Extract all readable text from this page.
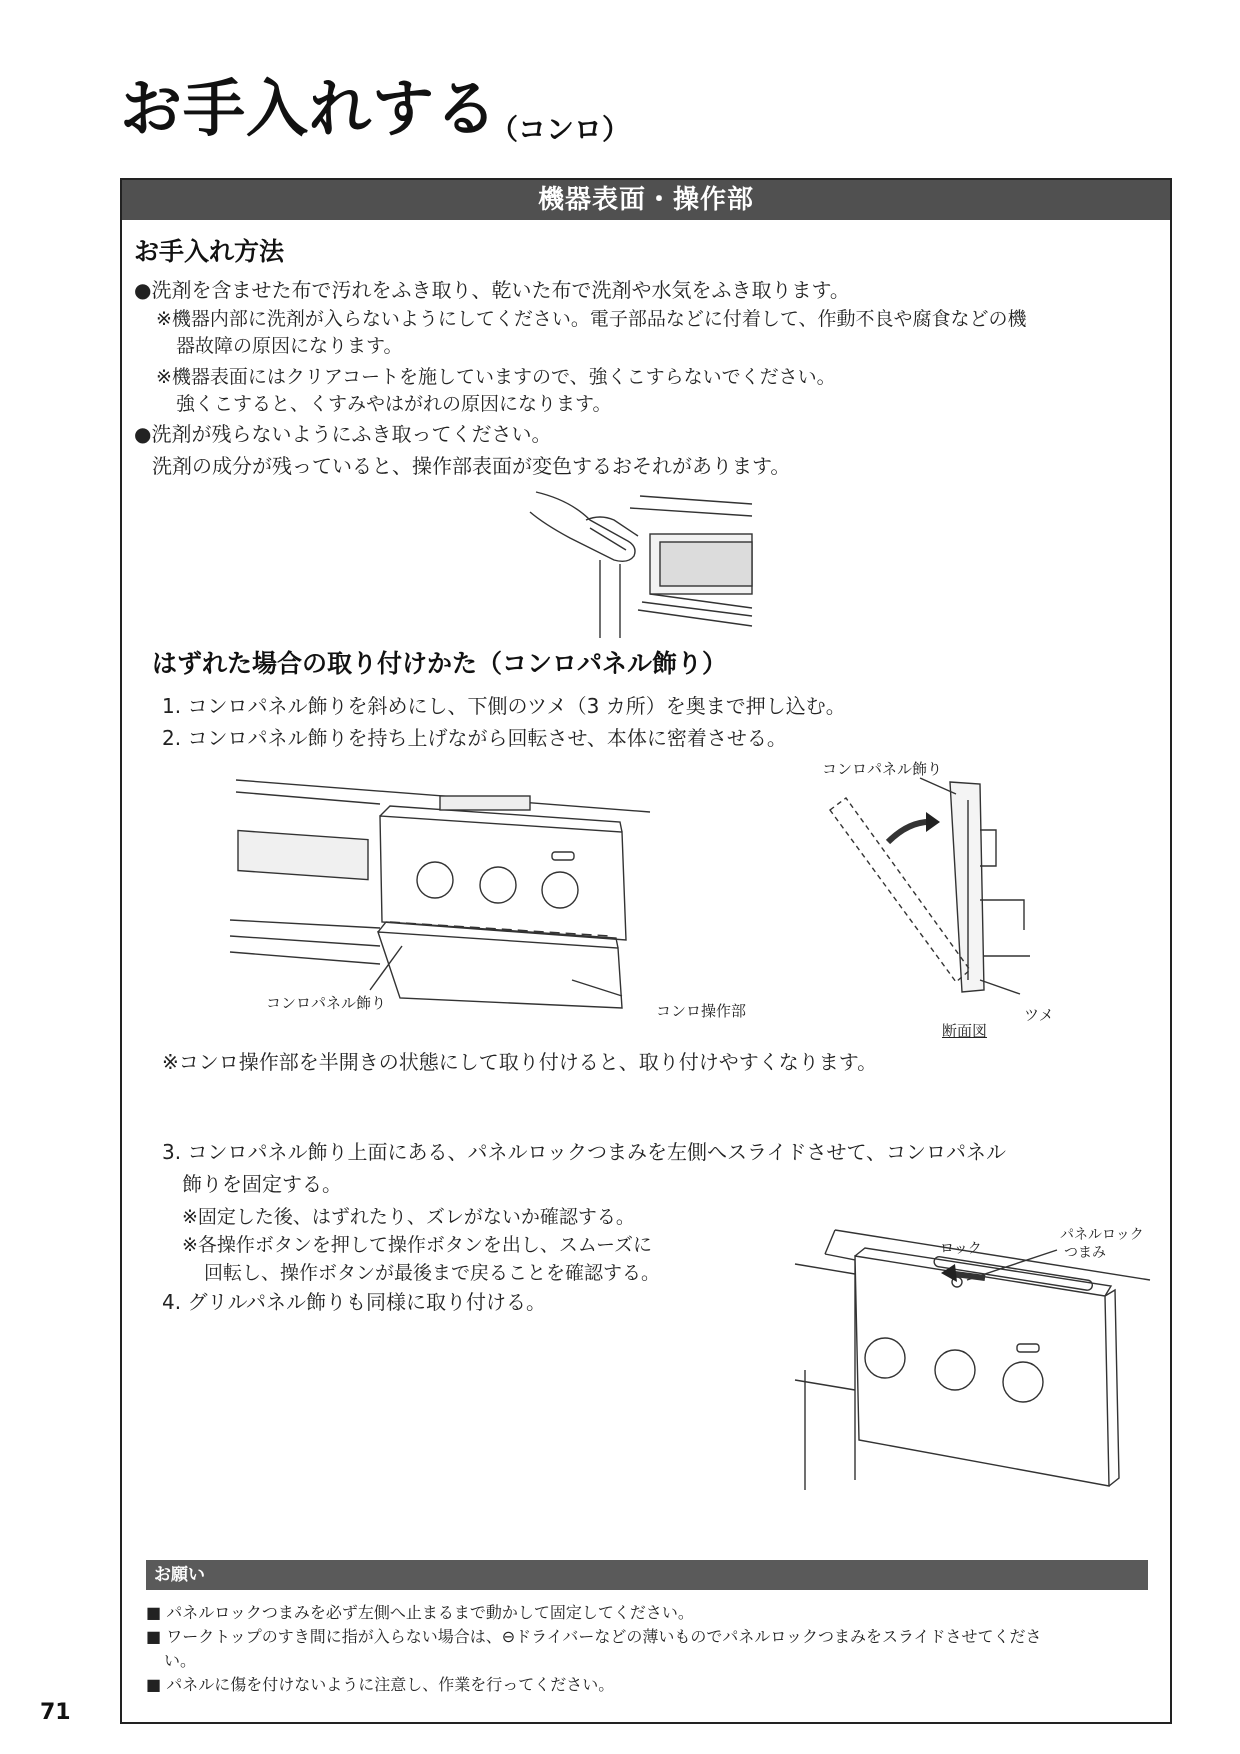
お手入れする
（コンロ）
機器表面・操作部
お手入れ方法
●洗剤を含ませた布で汚れをふき取り、乾いた布で洗剤や水気をふき取ります。
※機器内部に洗剤が入らないようにしてください。電子部品などに付着して、作動不良や腐食などの機
器故障の原因になります。
※機器表面にはクリアコートを施していますので、強くこすらないでください。
強くこすると、くすみやはがれの原因になります。
●洗剤が残らないようにふき取ってください。
洗剤の成分が残っていると、操作部表面が変色するおそれがあります。
はずれた場合の取り付けかた（コンロパネル飾り）
1. コンロパネル飾りを斜めにし、下側のツメ（3 カ所）を奥まで押し込む。
2. コンロパネル飾りを持ち上げながら回転させ、本体に密着させる。
コンロパネル飾り	コンロ操作部
コンロパネル飾り
ツメ
断面図
※コンロ操作部を半開きの状態にして取り付けると、取り付けやすくなります。
3. コンロパネル飾り上面にある、パネルロックつまみを左側へスライドさせて、コンロパネル
飾りを固定する。
※固定した後、はずれたり、ズレがないか確認する。
※各操作ボタンを押して操作ボタンを出し、スムーズに
回転し、操作ボタンが最後まで戻ることを確認する。
4. グリルパネル飾りも同様に取り付ける。
ロック
パネルロック
つまみ
お願い
■ パネルロックつまみを必ず左側へ止まるまで動かして固定してください。
■ ワークトップのすき間に指が入らない場合は、⊖ドライバーなどの薄いものでパネルロックつまみをスライドさせてくださ
い。
■ パネルに傷を付けないように注意し、作業を行ってください。
71
